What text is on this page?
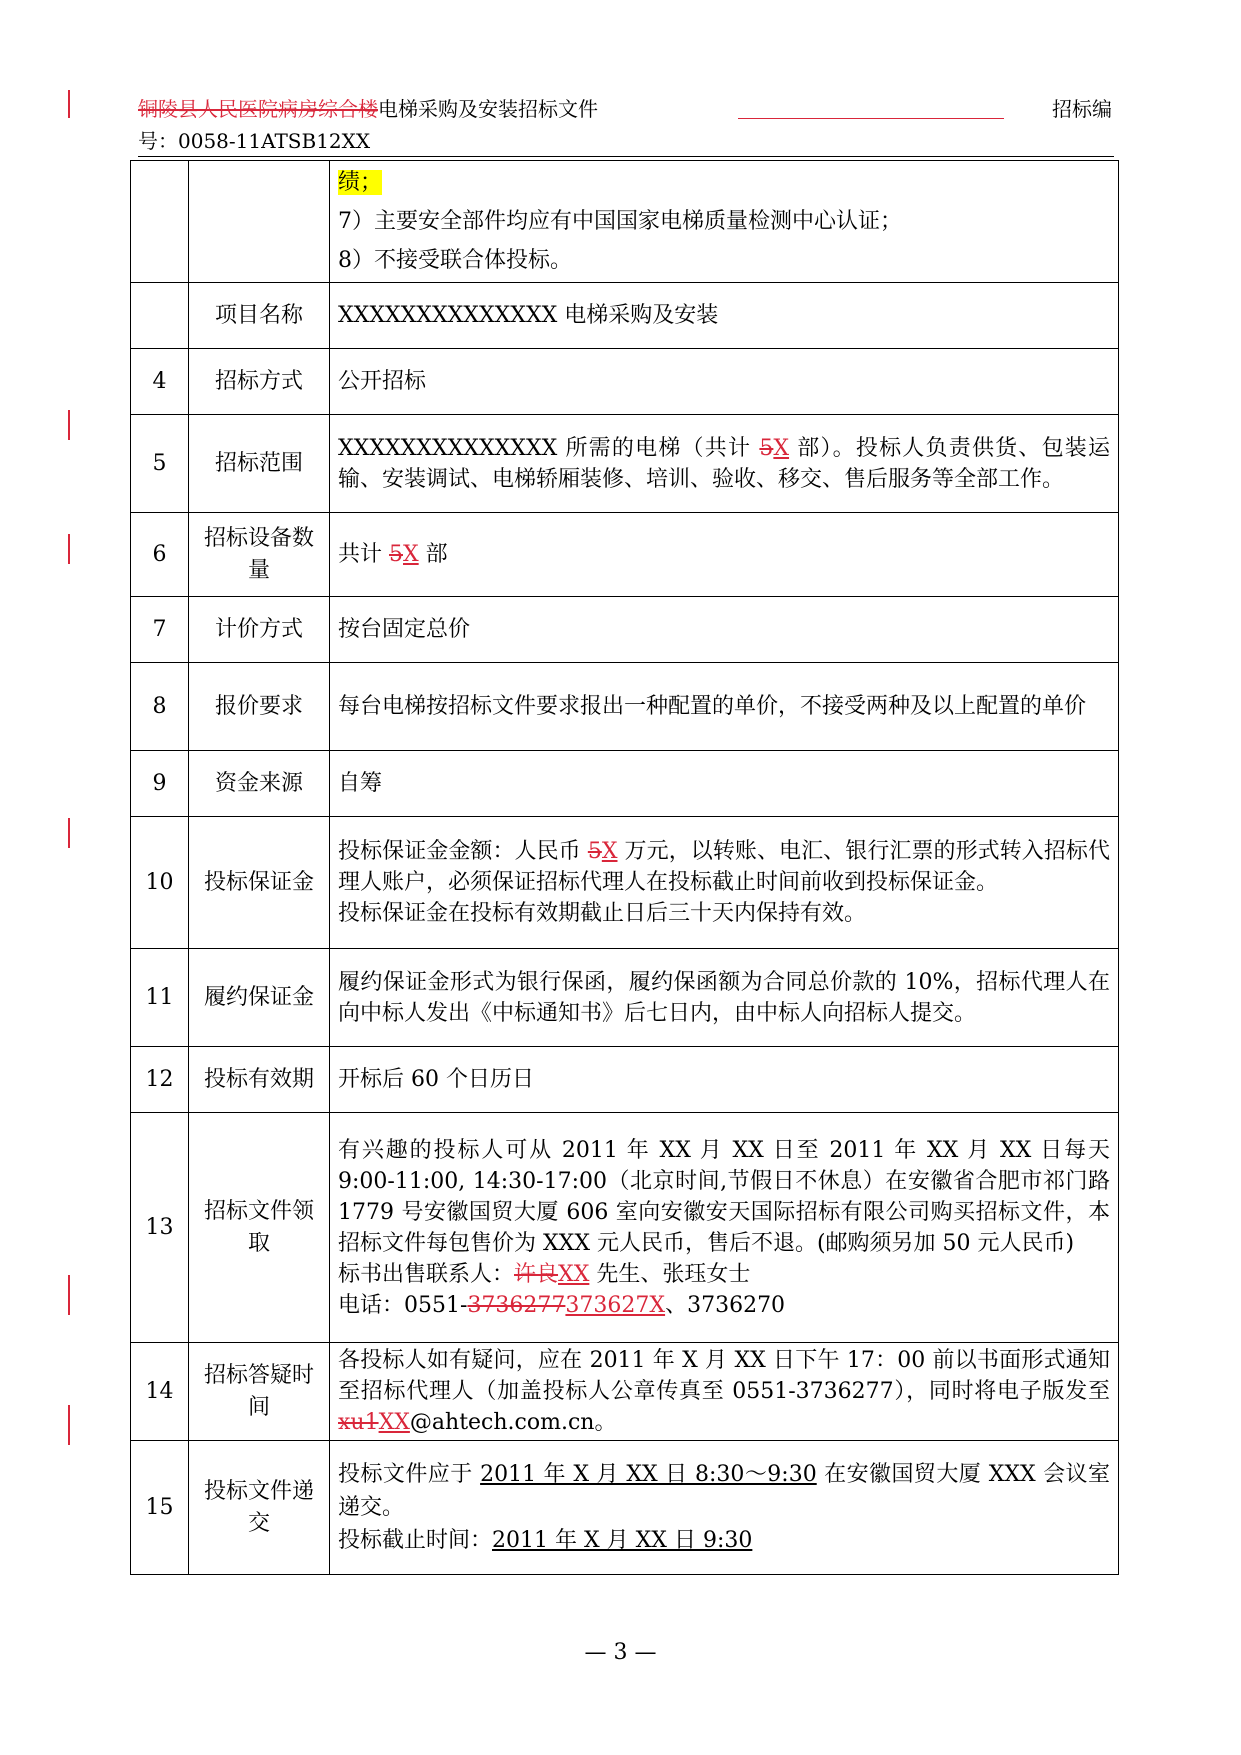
铜陵县人民医院病房综合楼电梯采购及安装招标文件	招标编
号：0058-11ATSB12XX

		绩；
7）主要安全部件均应有中国国家电梯质量检测中心认证；
8）不接受联合体投标。

	项目名称	XXXXXXXXXXXXXX 电梯采购及安装
4	招标方式	公开招标
5	招标范围	XXXXXXXXXXXXXX 所需的电梯（共计 5X 部）。投标人负责供货、包装运输、安装调试、电梯轿厢装修、培训、验收、移交、售后服务等全部工作。
6	招标设备数量	共计 5X 部
7	计价方式	按台固定总价
8	报价要求	每台电梯按招标文件要求报出一种配置的单价，不接受两种及以上配置的单价
9	资金来源	自筹
10	投标保证金	投标保证金金额：人民币 5X 万元，以转账、电汇、银行汇票的形式转入招标代理人账户，必须保证招标代理人在投标截止时间前收到投标保证金。
投标保证金在投标有效期截止日后三十天内保持有效。

11	履约保证金	履约保证金形式为银行保函，履约保函额为合同总价款的 10%，招标代理人在向中标人发出《中标通知书》后七日内，由中标人向招标人提交。
12	投标有效期	开标后 60 个日历日
13	招标文件领取	有兴趣的投标人可从 2011 年 XX 月 XX 日至 2011 年 XX 月 XX 日每天 9:00-11:00, 14:30-17:00（北京时间,节假日不休息）在安徽省合肥市祁门路 1779 号安徽国贸大厦 606 室向安徽安天国际招标有限公司购买招标文件，本招标文件每包售价为 XXX 元人民币，售后不退。(邮购须另加 50 元人民币)
标书出售联系人：许良XX 先生、张珏女士
电话：0551-3736277373627X、3736270

14	招标答疑时间	各投标人如有疑问，应在 2011 年 X 月 XX 日下午 17：00 前以书面形式通知至招标代理人（加盖投标人公章传真至 0551-3736277），同时将电子版发至 xu1XX@ahtech.com.cn。
15	投标文件递交	投标文件应于 2011 年 X 月 XX 日 8:30～9:30 在安徽国贸大厦 XXX 会议室递交。
投标截止时间：2011 年 X 月 XX 日 9:30
— 3 —
